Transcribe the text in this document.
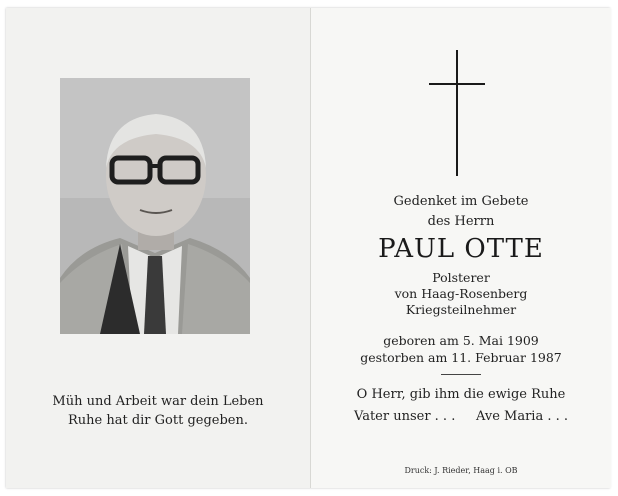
Müh und Arbeit war dein Leben
Ruhe hat dir Gott gegeben.
Gedenket im Gebete
des Herrn
PAUL OTTE
Polsterer
von Haag-Rosenberg
Kriegsteilnehmer
geboren am 5. Mai 1909
gestorben am 11. Februar 1987
O Herr, gib ihm die ewige Ruhe
Vater unser . . .     Ave Maria . . .
Druck: J. Rieder, Haag i. OB
